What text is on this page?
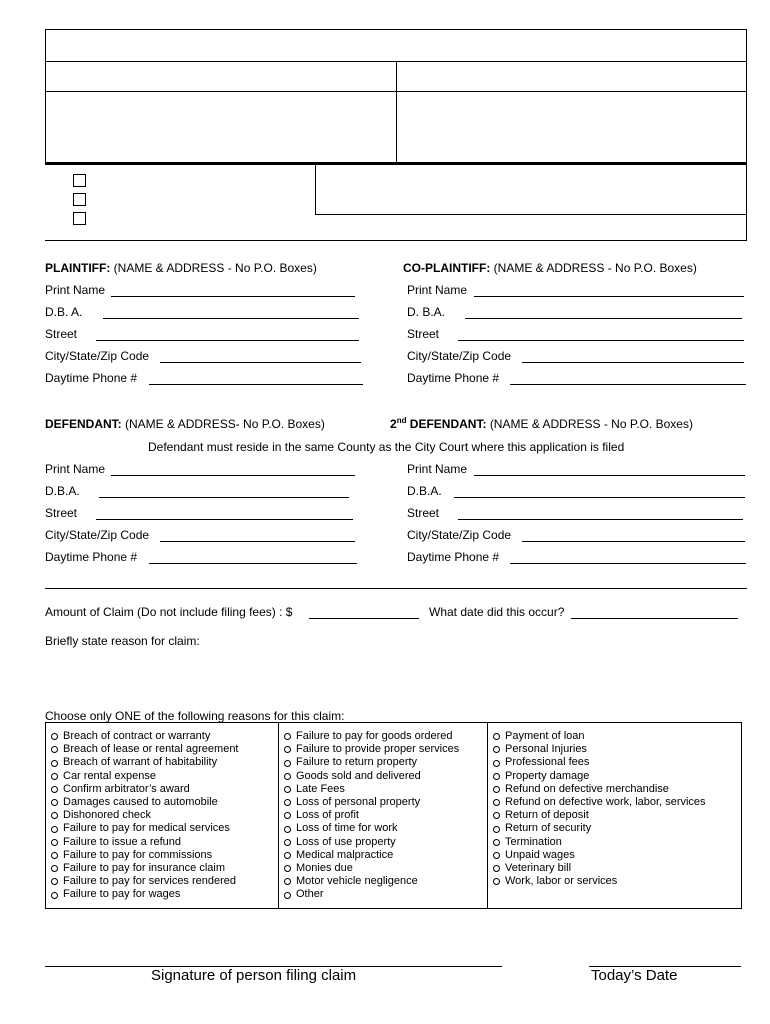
PLAINTIFF: (NAME & ADDRESS - No P.O. Boxes)
Print Name
D.B. A.
Street
City/State/Zip Code
Daytime Phone #
CO-PLAINTIFF: (NAME & ADDRESS - No P.O. Boxes)
Print Name
D. B.A.
Street
City/State/Zip Code
Daytime Phone #
DEFENDANT: (NAME & ADDRESS- No P.O. Boxes)
Defendant must reside in the same County as the City Court where this application is filed
Print Name
D.B.A.
Street
City/State/Zip Code
Daytime Phone #
2nd DEFENDANT: (NAME & ADDRESS - No P.O. Boxes)
Print Name
D.B.A.
Street
City/State/Zip Code
Daytime Phone #
Amount of Claim (Do not include filing fees) : $	What date did this occur?
Briefly state reason for claim:
Choose only ONE of the following reasons for this claim:
Breach of contract or warranty
Breach of lease or rental agreement
Breach of warrant of habitability
Car rental expense
Confirm arbitrator’s award
Damages caused to automobile
Dishonored check
Failure to pay for medical services
Failure to issue a refund
Failure to pay for commissions
Failure to pay for insurance claim
Failure to pay for services rendered
Failure to pay for wages
Failure to pay for goods ordered
Failure to provide proper services
Failure to return property
Goods sold and delivered
Late Fees
Loss of personal property
Loss of profit
Loss of time for work
Loss of use property
Medical malpractice
Monies due
Motor vehicle negligence
Other
Payment of loan
Personal Injuries
Professional fees
Property damage
Refund on defective merchandise
Refund on defective work, labor, services
Return of deposit
Return of security
Termination
Unpaid wages
Veterinary bill
Work, labor or services
Signature of person filing claim	Today’s Date
